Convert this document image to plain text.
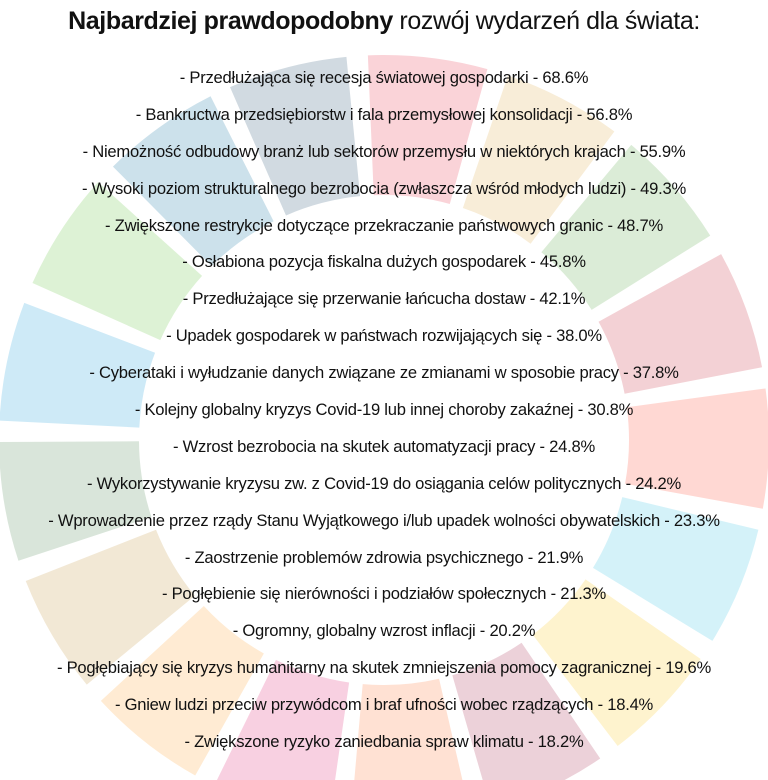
Najbardziej prawdopodobny rozwój wydarzeń dla świata:
- Przedłużająca się recesja światowej gospodarki - 68.6%
- Bankructwa przedsiębiorstw i fala przemysłowej konsolidacji - 56.8%
- Niemożność odbudowy branż lub sektorów przemysłu w niektórych krajach - 55.9%
- Wysoki poziom strukturalnego bezrobocia (zwłaszcza wśród młodych ludzi) - 49.3%
- Zwiększone restrykcje dotyczące przekraczanie państwowych granic - 48.7%
- Osłabiona pozycja fiskalna dużych gospodarek - 45.8%
- Przedłużające się przerwanie łańcucha dostaw - 42.1%
- Upadek gospodarek w państwach rozwijających się - 38.0%
- Cyberataki i wyłudzanie danych związane ze zmianami w sposobie pracy - 37.8%
- Kolejny globalny kryzys Covid-19 lub innej choroby zakaźnej - 30.8%
- Wzrost bezrobocia na skutek automatyzacji pracy - 24.8%
- Wykorzystywanie kryzysu zw. z Covid-19 do osiągania celów politycznych - 24.2%
- Wprowadzenie przez rządy Stanu Wyjątkowego i/lub upadek wolności obywatelskich - 23.3%
- Zaostrzenie problemów zdrowia psychicznego - 21.9%
- Pogłębienie się nierówności i podziałów społecznych - 21.3%
- Ogromny, globalny wzrost inflacji - 20.2%
- Pogłębiający się kryzys humanitarny na skutek zmniejszenia pomocy zagranicznej - 19.6%
- Gniew ludzi przeciw przywódcom i braf ufności wobec rządzących - 18.4%
- Zwiększone ryzyko zaniedbania spraw klimatu - 18.2%
